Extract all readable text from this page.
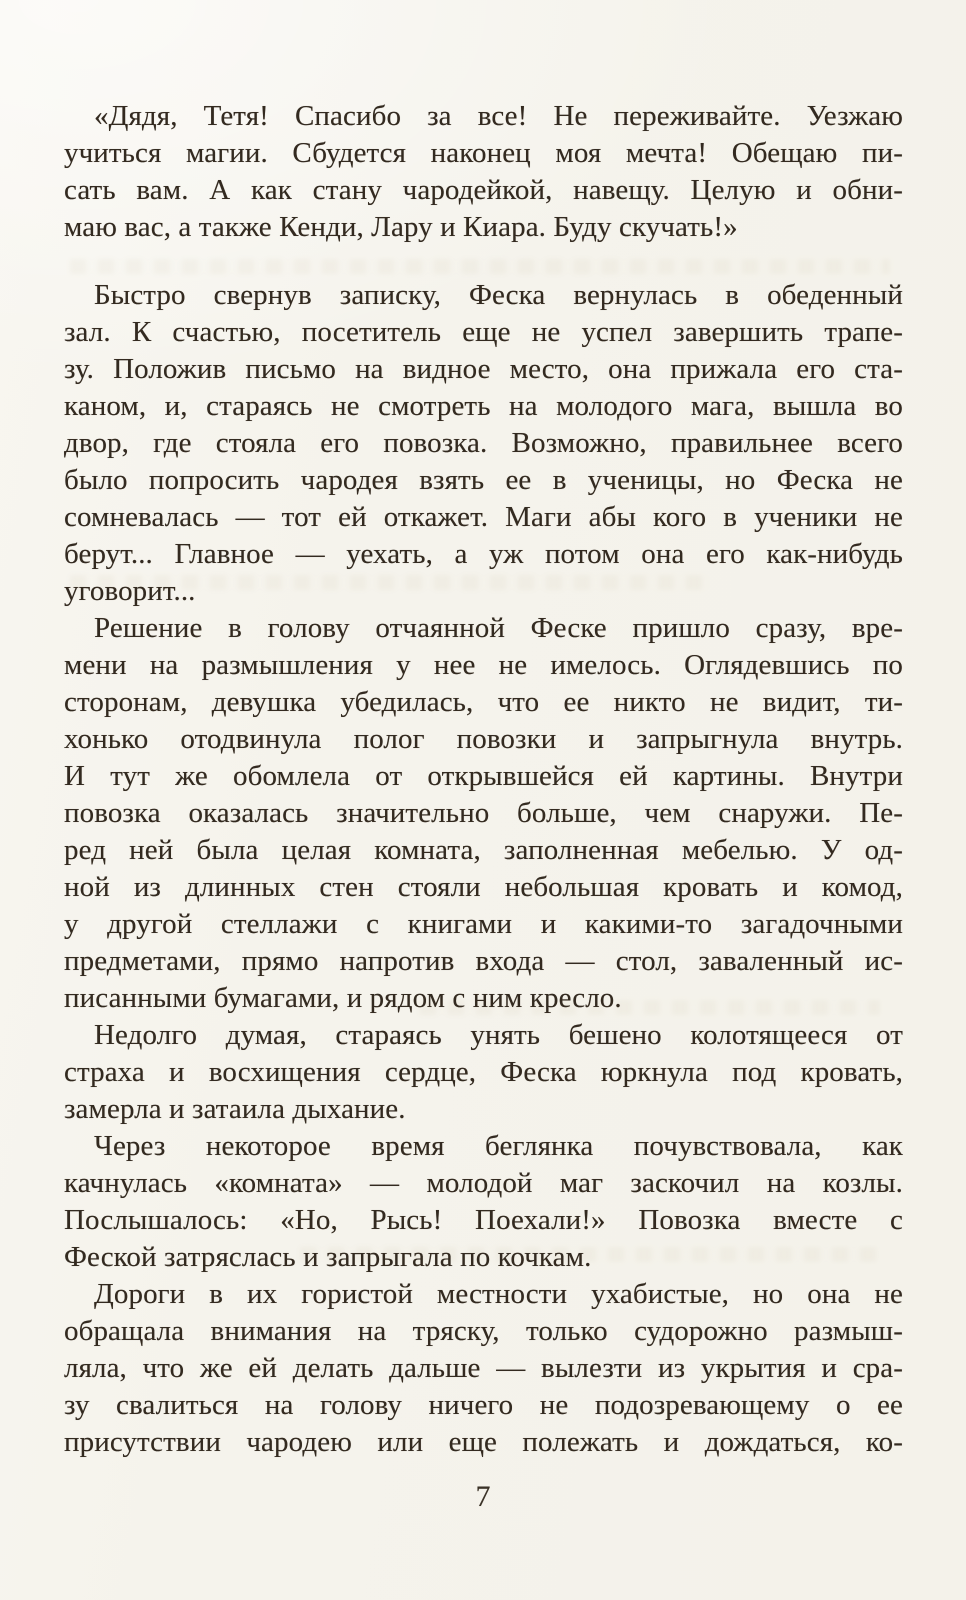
«Дядя, Тетя! Спасибо за все! Не переживайте. Уезжаю
учиться магии. Сбудется наконец моя мечта! Обещаю пи-
сать вам. А как стану чародейкой, навещу. Целую и обни-
маю вас, а также Кенди, Лару и Киара. Буду скучать!»
Быстро свернув записку, Феска вернулась в обеденный
зал. К счастью, посетитель еще не успел завершить трапе-
зу. Положив письмо на видное место, она прижала его ста-
каном, и, стараясь не смотреть на молодого мага, вышла во
двор, где стояла его повозка. Возможно, правильнее всего
было попросить чародея взять ее в ученицы, но Феска не
сомневалась — тот ей откажет. Маги абы кого в ученики не
берут... Главное — уехать, а уж потом она его как-нибудь
уговорит...
Решение в голову отчаянной Феске пришло сразу, вре-
мени на размышления у нее не имелось. Оглядевшись по
сторонам, девушка убедилась, что ее никто не видит, ти-
хонько отодвинула полог повозки и запрыгнула внутрь.
И тут же обомлела от открывшейся ей картины. Внутри
повозка оказалась значительно больше, чем снаружи. Пе-
ред ней была целая комната, заполненная мебелью. У од-
ной из длинных стен стояли небольшая кровать и комод,
у другой стеллажи с книгами и какими-то загадочными
предметами, прямо напротив входа — стол, заваленный ис-
писанными бумагами, и рядом с ним кресло.
Недолго думая, стараясь унять бешено колотящееся от
страха и восхищения сердце, Феска юркнула под кровать,
замерла и затаила дыхание.
Через некоторое время беглянка почувствовала, как
качнулась «комната» — молодой маг заскочил на козлы.
Послышалось: «Но, Рысь! Поехали!» Повозка вместе с
Феской затряслась и запрыгала по кочкам.
Дороги в их гористой местности ухабистые, но она не
обращала внимания на тряску, только судорожно размыш-
ляла, что же ей делать дальше — вылезти из укрытия и сра-
зу свалиться на голову ничего не подозревающему о ее
присутствии чародею или еще полежать и дождаться, ко-
7
